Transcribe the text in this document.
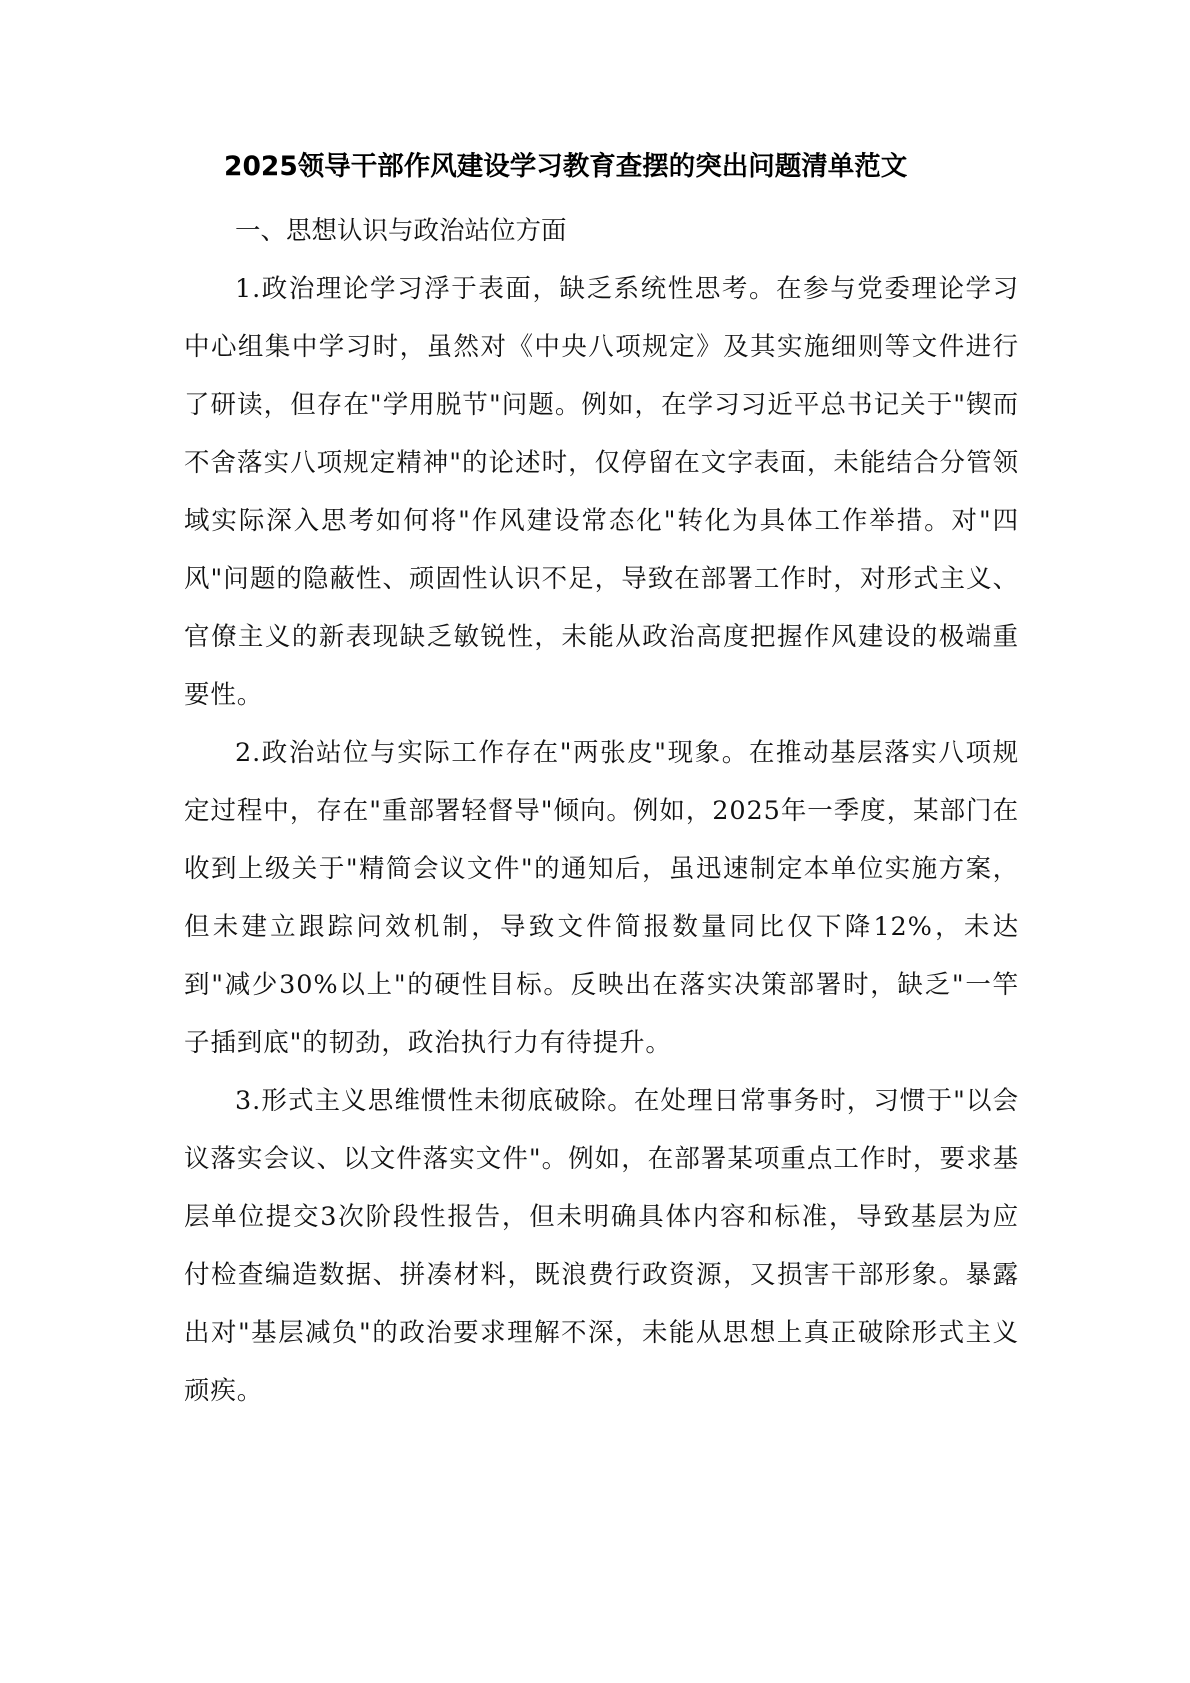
2025领导干部作风建设学习教育查摆的突出问题清单范文

一、思想认识与政治站位方面

1.政治理论学习浮于表面，缺乏系统性思考。在参与党委理论学习中心组集中学习时，虽然对《中央八项规定》及其实施细则等文件进行了研读，但存在"学用脱节"问题。例如，在学习习近平总书记关于"锲而不舍落实八项规定精神"的论述时，仅停留在文字表面，未能结合分管领域实际深入思考如何将"作风建设常态化"转化为具体工作举措。对"四风"问题的隐蔽性、顽固性认识不足，导致在部署工作时，对形式主义、官僚主义的新表现缺乏敏锐性，未能从政治高度把握作风建设的极端重要性。

2.政治站位与实际工作存在"两张皮"现象。在推动基层落实八项规定过程中，存在"重部署轻督导"倾向。例如，2025年一季度，某部门在收到上级关于"精简会议文件"的通知后，虽迅速制定本单位实施方案，但未建立跟踪问效机制，导致文件简报数量同比仅下降12%，未达到"减少30%以上"的硬性目标。反映出在落实决策部署时，缺乏"一竿子插到底"的韧劲，政治执行力有待提升。

3.形式主义思维惯性未彻底破除。在处理日常事务时，习惯于"以会议落实会议、以文件落实文件"。例如，在部署某项重点工作时，要求基层单位提交3次阶段性报告，但未明确具体内容和标准，导致基层为应付检查编造数据、拼凑材料，既浪费行政资源，又损害干部形象。暴露出对"基层减负"的政治要求理解不深，未能从思想上真正破除形式主义顽疾。
